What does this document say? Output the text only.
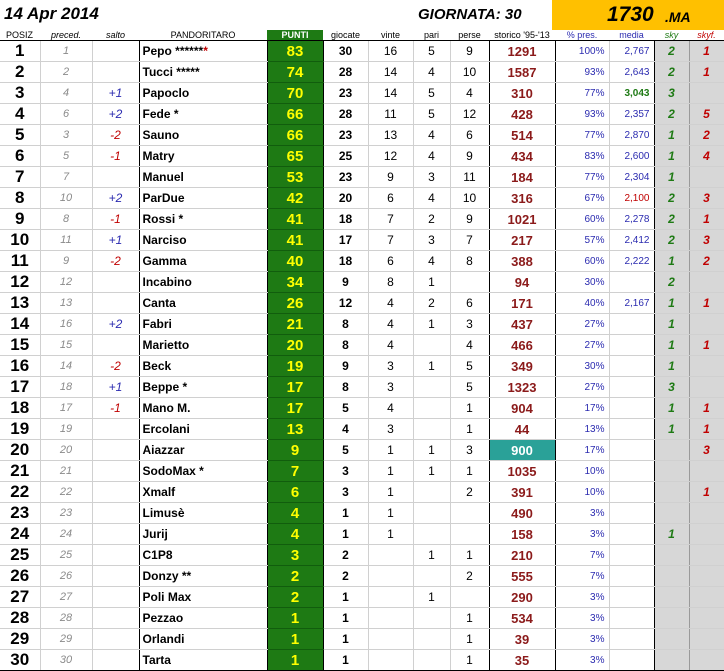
14 Apr 2014	GIORNATA: 30	1730 .MA
POSIZ	preced.	salto	PANDORITARO	PUNTI	giocate	vinte	pari	perse	storico '95-'13	% pres.	media	sky	skyf.
1	1		Pepo *******	83	30	16	5	9	1291	100%	2,767	2	1
2	2		Tucci *****	74	28	14	4	10	1587	93%	2,643	2	1
3	4	+1	Papoclo	70	23	14	5	4	310	77%	3,043	3	
4	6	+2	Fede *	66	28	11	5	12	428	93%	2,357	2	5
5	3	-2	Sauno	66	23	13	4	6	514	77%	2,870	1	2
6	5	-1	Matry	65	25	12	4	9	434	83%	2,600	1	4
7	7		Manuel	53	23	9	3	11	184	77%	2,304	1	
8	10	+2	ParDue	42	20	6	4	10	316	67%	2,100	2	3
9	8	-1	Rossi *	41	18	7	2	9	1021	60%	2,278	2	1
10	11	+1	Narciso	41	17	7	3	7	217	57%	2,412	2	3
11	9	-2	Gamma	40	18	6	4	8	388	60%	2,222	1	2
12	12		Incabino	34	9	8	1		94	30%		2	
13	13		Canta	26	12	4	2	6	171	40%	2,167	1	1
14	16	+2	Fabri	21	8	4	1	3	437	27%		1	
15	15		Marietto	20	8	4		4	466	27%		1	1
16	14	-2	Beck	19	9	3	1	5	349	30%		1	
17	18	+1	Beppe *	17	8	3		5	1323	27%		3	
18	17	-1	Mano M.	17	5	4		1	904	17%		1	1
19	19		Ercolani	13	4	3		1	44	13%		1	1
20	20		Aiazzar	9	5	1	1	3	900	17%			3
21	21		SodoMax *	7	3	1	1	1	1035	10%			
22	22		Xmalf	6	3	1		2	391	10%			1
23	23		Limusè	4	1	1			490	3%			
24	24		Jurij	4	1	1			158	3%		1	
25	25		C1P8	3	2		1	1	210	7%			
26	26		Donzy **	2	2			2	555	7%			
27	27		Poli Max	2	1		1		290	3%			
28	28		Pezzao	1	1			1	534	3%			
29	29		Orlandi	1	1			1	39	3%			
30	30		Tarta	1	1			1	35	3%			
